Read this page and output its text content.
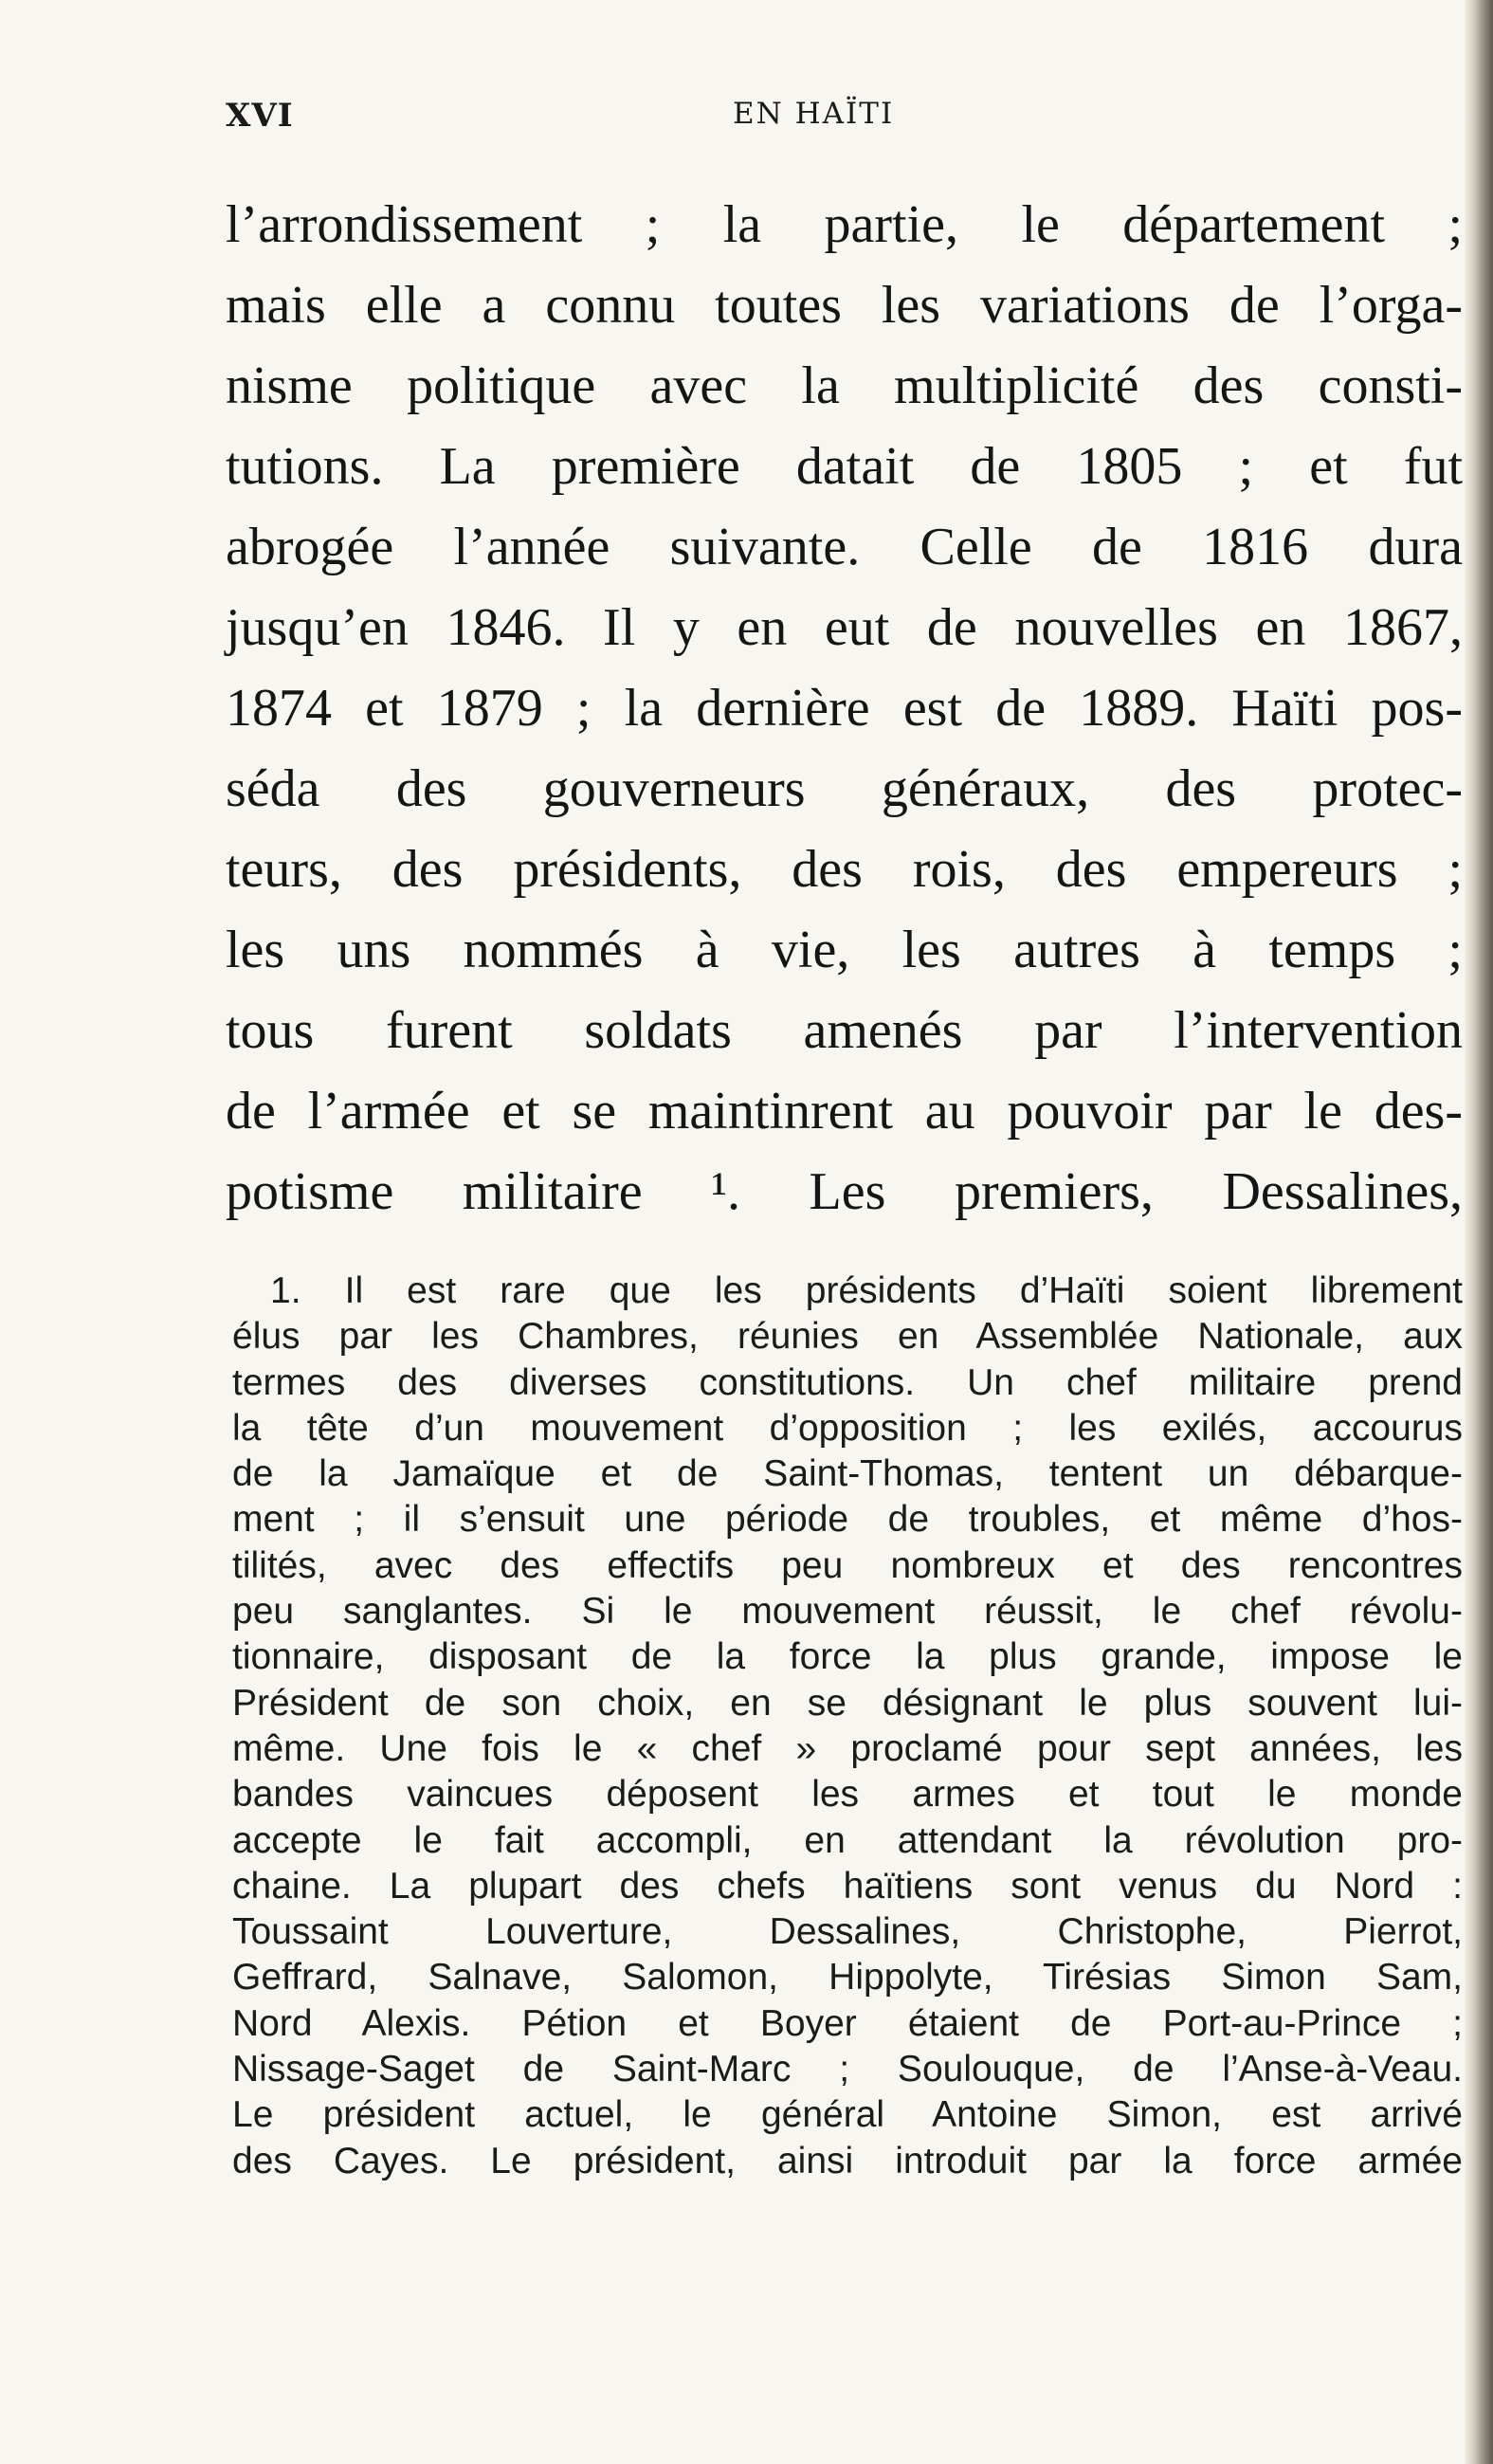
XVI	EN HAÏTI
l’arrondissement ; la partie, le département ;
mais elle a connu toutes les variations de l’orga-
nisme politique avec la multiplicité des consti-
tutions. La première datait de 1805 ; et fut
abrogée l’année suivante. Celle de 1816 dura
jusqu’en 1846. Il y en eut de nouvelles en 1867,
1874 et 1879 ; la dernière est de 1889. Haïti pos-
séda des gouverneurs généraux, des protec-
teurs, des présidents, des rois, des empereurs ;
les uns nommés à vie, les autres à temps ;
tous furent soldats amenés par l’intervention
de l’armée et se maintinrent au pouvoir par le des-
potisme militaire ¹. Les premiers, Dessalines,
1. Il est rare que les présidents d’Haïti soient librement
élus par les Chambres, réunies en Assemblée Nationale, aux
termes des diverses constitutions. Un chef militaire prend
la tête d’un mouvement d’opposition ; les exilés, accourus
de la Jamaïque et de Saint-Thomas, tentent un débarque-
ment ; il s’ensuit une période de troubles, et même d’hos-
tilités, avec des effectifs peu nombreux et des rencontres
peu sanglantes. Si le mouvement réussit, le chef révolu-
tionnaire, disposant de la force la plus grande, impose le
Président de son choix, en se désignant le plus souvent lui-
même. Une fois le « chef » proclamé pour sept années, les
bandes vaincues déposent les armes et tout le monde
accepte le fait accompli, en attendant la révolution pro-
chaine. La plupart des chefs haïtiens sont venus du Nord :
Toussaint Louverture, Dessalines, Christophe, Pierrot,
Geffrard, Salnave, Salomon, Hippolyte, Tirésias Simon Sam,
Nord Alexis. Pétion et Boyer étaient de Port-au-Prince ;
Nissage-Saget de Saint-Marc ; Soulouque, de l’Anse-à-Veau.
Le président actuel, le général Antoine Simon, est arrivé
des Cayes. Le président, ainsi introduit par la force armée
